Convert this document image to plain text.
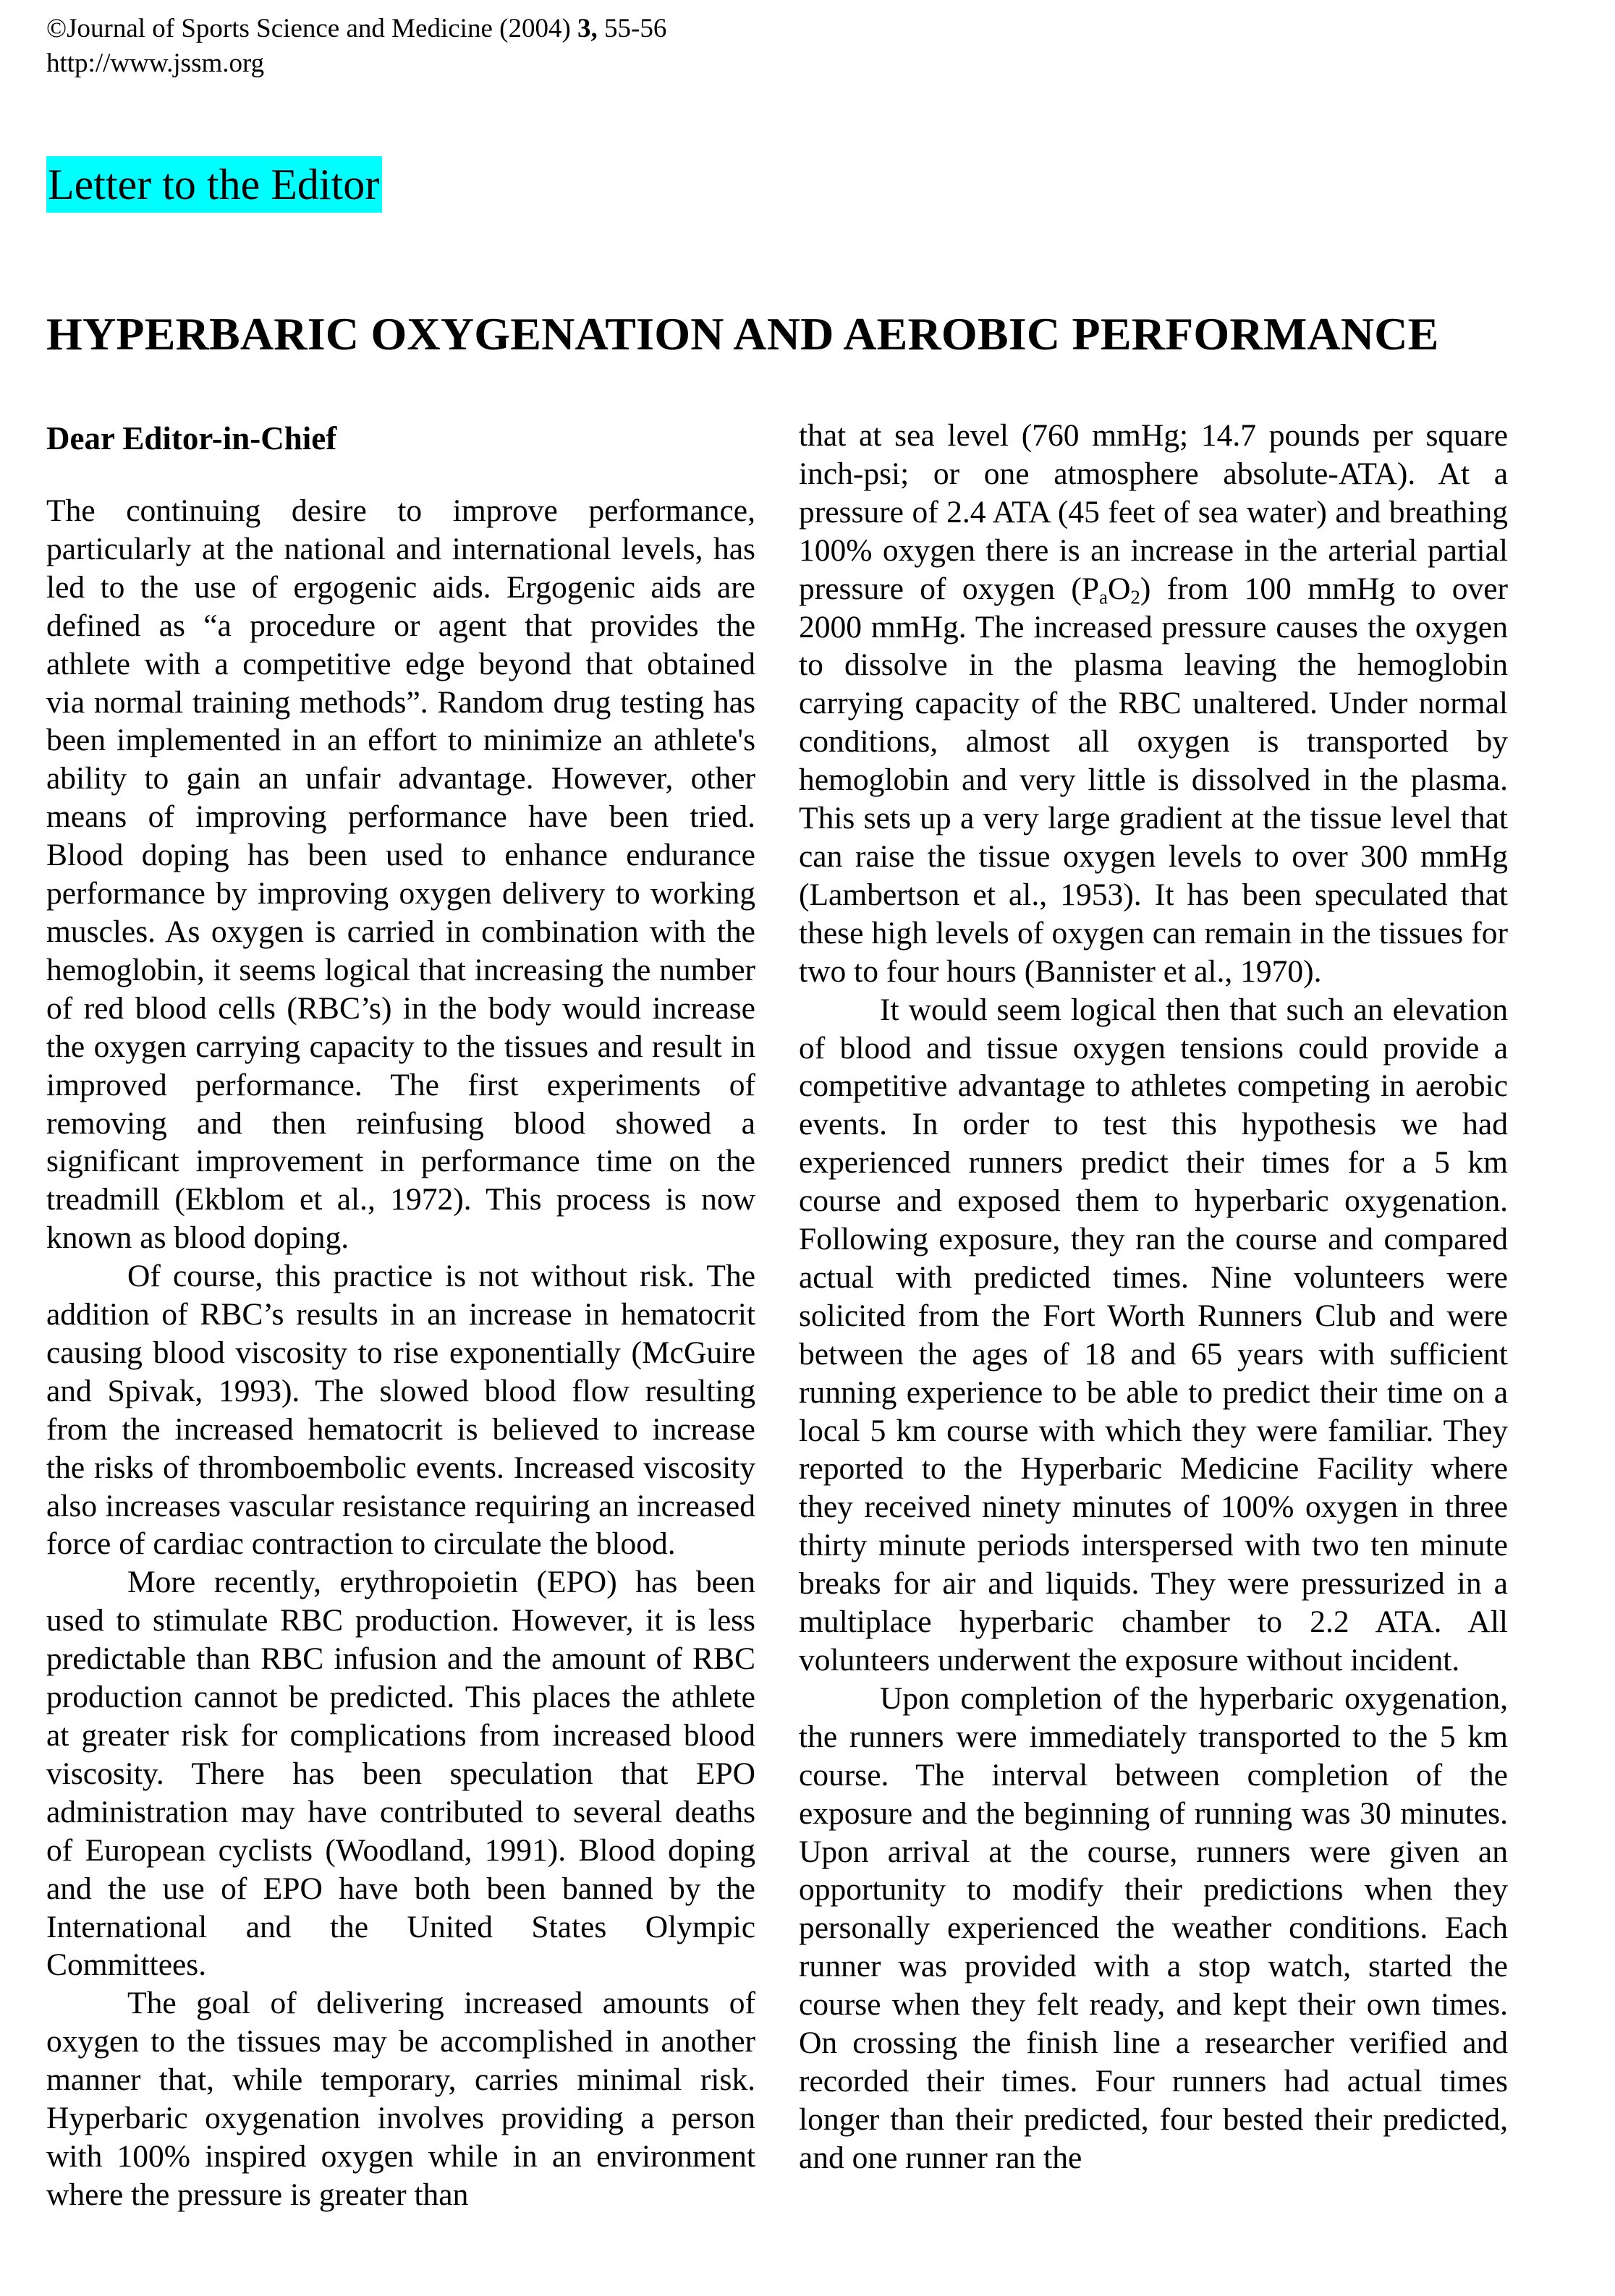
©Journal of Sports Science and Medicine (2004) 3, 55-56
http://www.jssm.org
Letter to the Editor
HYPERBARIC OXYGENATION AND AEROBIC PERFORMANCE
Dear Editor-in-Chief

The continuing desire to improve performance, particularly at the national and international levels, has led to the use of ergogenic aids. Ergogenic aids are defined as “a procedure or agent that provides the athlete with a competitive edge beyond that obtained via normal training methods”. Random drug testing has been implemented in an effort to minimize an athlete's ability to gain an unfair advantage. However, other means of improving performance have been tried. Blood doping has been used to enhance endurance performance by improving oxygen delivery to working muscles. As oxygen is carried in combination with the hemoglobin, it seems logical that increasing the number of red blood cells (RBC’s) in the body would increase the oxygen carrying capacity to the tissues and result in improved performance. The first experiments of removing and then reinfusing blood showed a significant improvement in performance time on the treadmill (Ekblom et al., 1972). This process is now known as blood doping.

Of course, this practice is not without risk. The addition of RBC’s results in an increase in hematocrit causing blood viscosity to rise exponentially (McGuire and Spivak, 1993). The slowed blood flow resulting from the increased hematocrit is believed to increase the risks of thromboembolic events. Increased viscosity also increases vascular resistance requiring an increased force of cardiac contraction to circulate the blood.

More recently, erythropoietin (EPO) has been used to stimulate RBC production. However, it is less predictable than RBC infusion and the amount of RBC production cannot be predicted. This places the athlete at greater risk for complications from increased blood viscosity. There has been speculation that EPO administration may have contributed to several deaths of European cyclists (Woodland, 1991). Blood doping and the use of EPO have both been banned by the International and the United States Olympic Committees.

The goal of delivering increased amounts of oxygen to the tissues may be accomplished in another manner that, while temporary, carries minimal risk. Hyperbaric oxygenation involves providing a person with 100% inspired oxygen while in an environment where the pressure is greater than

that at sea level (760 mmHg; 14.7 pounds per square inch-psi; or one atmosphere absolute-ATA). At a pressure of 2.4 ATA (45 feet of sea water) and breathing 100% oxygen there is an increase in the arterial partial pressure of oxygen $(P_aO_2)$ from 100 mmHg to over 2000 mmHg. The increased pressure causes the oxygen to dissolve in the plasma leaving the hemoglobin carrying capacity of the RBC unaltered. Under normal conditions, almost all oxygen is transported by hemoglobin and very little is dissolved in the plasma. This sets up a very large gradient at the tissue level that can raise the tissue oxygen levels to over 300 mmHg (Lambertson et al., 1953). It has been speculated that these high levels of oxygen can remain in the tissues for two to four hours (Bannister et al., 1970).

It would seem logical then that such an elevation of blood and tissue oxygen tensions could provide a competitive advantage to athletes competing in aerobic events. In order to test this hypothesis we had experienced runners predict their times for a 5 km course and exposed them to hyperbaric oxygenation. Following exposure, they ran the course and compared actual with predicted times. Nine volunteers were solicited from the Fort Worth Runners Club and were between the ages of 18 and 65 years with sufficient running experience to be able to predict their time on a local 5 km course with which they were familiar. They reported to the Hyperbaric Medicine Facility where they received ninety minutes of 100% oxygen in three thirty minute periods interspersed with two ten minute breaks for air and liquids. They were pressurized in a multiplace hyperbaric chamber to 2.2 ATA. All volunteers underwent the exposure without incident.

Upon completion of the hyperbaric oxygenation, the runners were immediately transported to the 5 km course. The interval between completion of the exposure and the beginning of running was 30 minutes. Upon arrival at the course, runners were given an opportunity to modify their predictions when they personally experienced the weather conditions. Each runner was provided with a stop watch, started the course when they felt ready, and kept their own times. On crossing the finish line a researcher verified and recorded their times. Four runners had actual times longer than their predicted, four bested their predicted, and one runner ran the
